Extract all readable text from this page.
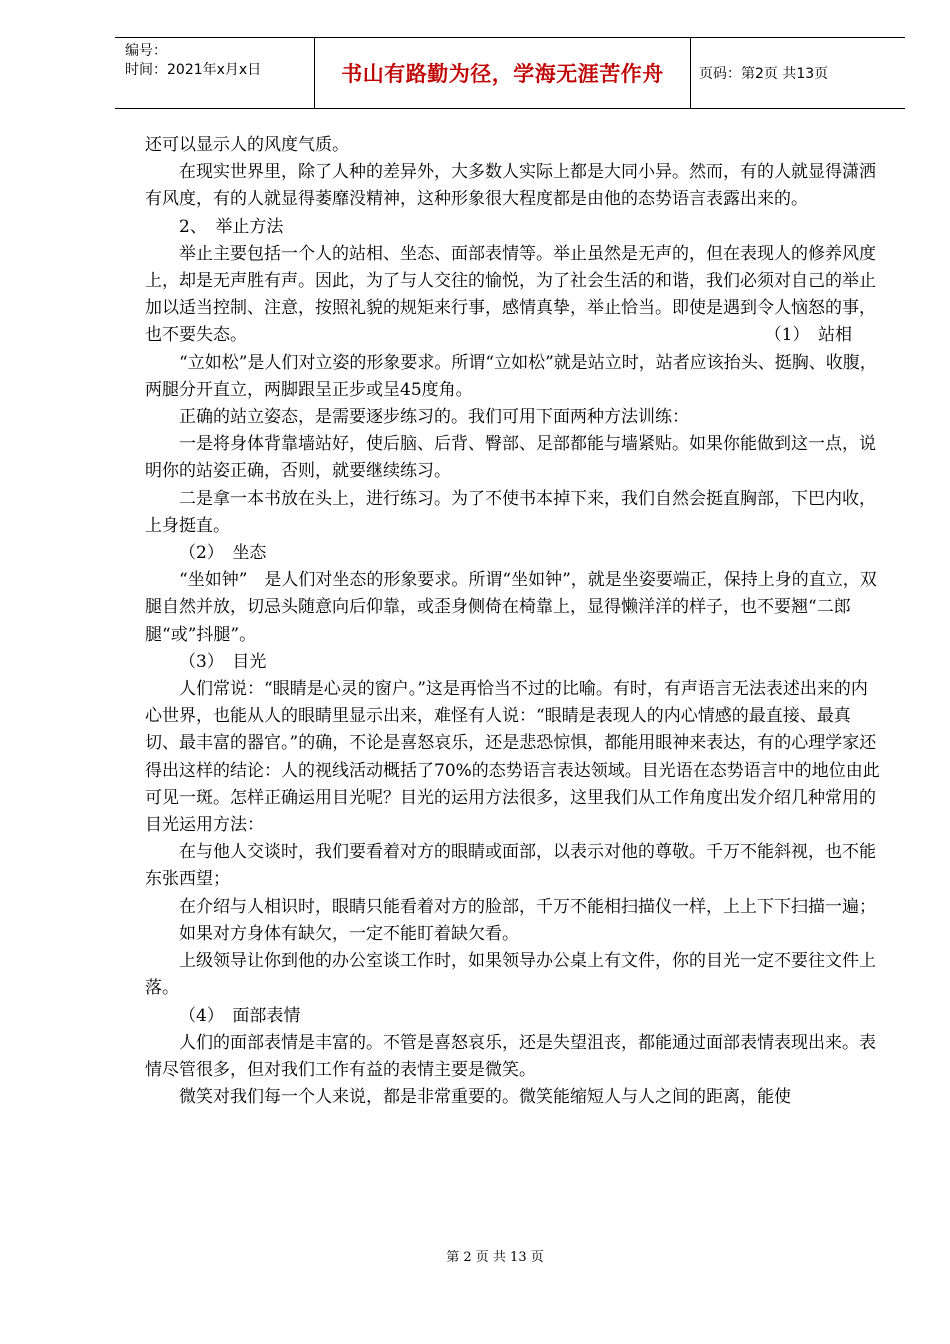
编号：
时间：2021年x月x日	书山有路勤为径，学海无涯苦作舟	页码：第2页 共13页

还可以显示人的风度气质。

在现实世界里，除了人种的差异外，大多数人实际上都是大同小异。然而，有的人就显得潇洒有风度，有的人就显得萎靡没精神，这种形象很大程度都是由他的态势语言表露出来的。

2、　举止方法

举止主要包括一个人的站相、坐态、面部表情等。举止虽然是无声的，但在表现人的修养风度上，却是无声胜有声。因此，为了与人交往的愉悦，为了社会生活的和谐，我们必须对自己的举止加以适当控制、注意，按照礼貌的规矩来行事，感情真挚，举止恰当。即使是遇到令人恼怒的事，也不要失态。	（1）　站相

“立如松”是人们对立姿的形象要求。所谓“立如松”就是站立时，站者应该抬头、挺胸、收腹，两腿分开直立，两脚跟呈正步或呈45度角。

正确的站立姿态，是需要逐步练习的。我们可用下面两种方法训练：

一是将身体背靠墙站好，使后脑、后背、臀部、足部都能与墙紧贴。如果你能做到这一点，说明你的站姿正确，否则，就要继续练习。

二是拿一本书放在头上，进行练习。为了不使书本掉下来，我们自然会挺直胸部，下巴内收，上身挺直。

（2）　坐态

“坐如钟”　是人们对坐态的形象要求。所谓“坐如钟”，就是坐姿要端正，保持上身的直立，双腿自然并放，切忌头随意向后仰靠，或歪身侧倚在椅靠上，显得懒洋洋的样子，也不要翘“二郎腿“或”抖腿”。

（3）　目光

人们常说：“眼睛是心灵的窗户。”这是再恰当不过的比喻。有时，有声语言无法表述出来的内心世界，也能从人的眼睛里显示出来，难怪有人说：“眼睛是表现人的内心情感的最直接、最真切、最丰富的器官。”的确，不论是喜怒哀乐，还是悲恐惊惧，都能用眼神来表达，有的心理学家还得出这样的结论：人的视线活动概括了70%的态势语言表达领域。目光语在态势语言中的地位由此可见一斑。怎样正确运用目光呢？目光的运用方法很多，这里我们从工作角度出发介绍几种常用的目光运用方法：

在与他人交谈时，我们要看着对方的眼睛或面部，以表示对他的尊敬。千万不能斜视，也不能东张西望；

在介绍与人相识时，眼睛只能看着对方的脸部，千万不能相扫描仪一样，上上下下扫描一遍；

如果对方身体有缺欠，一定不能盯着缺欠看。

上级领导让你到他的办公室谈工作时，如果领导办公桌上有文件，你的目光一定不要往文件上落。

（4）　面部表情

人们的面部表情是丰富的。不管是喜怒哀乐，还是失望沮丧，都能通过面部表情表现出来。表情尽管很多，但对我们工作有益的表情主要是微笑。

微笑对我们每一个人来说，都是非常重要的。微笑能缩短人与人之间的距离，能使

第 2 页 共 13 页
